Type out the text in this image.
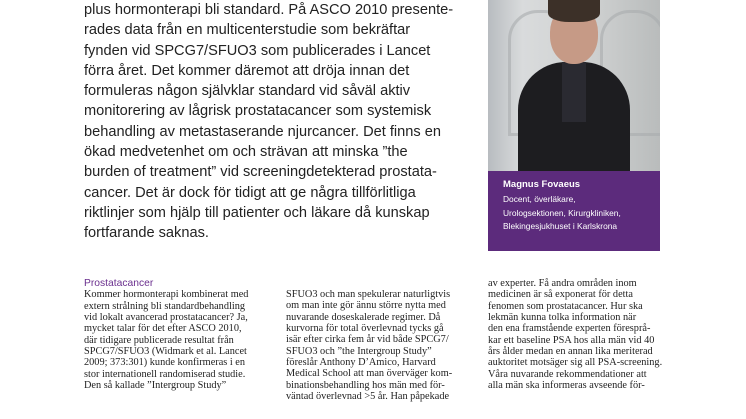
plus hormonterapi bli standard. På ASCO 2010 presente-
rades data från en multicenterstudie som bekräftar
fynden vid SPCG7/SFUO3 som publicerades i Lancet
förra året. Det kommer däremot att dröja innan det
formuleras någon självklar standard vid såväl aktiv
monitorering av lågrisk prostatacancer som systemisk
behandling av metastaserande njurcancer. Det finns en
ökad medvetenhet om och strävan att minska ”the
burden of treatment” vid screeningdetekterad prostata-
cancer. Det är dock för tidigt att ge några tillförlitliga
riktlinjer som hjälp till patienter och läkare då kunskap
fortfarande saknas.
Magnus Fovaeus
Docent, överläkare,
Urologsektionen, Kirurgkliniken,
Blekingesjukhuset i Karlskrona
Prostatacancer
Kommer hormonterapi kombinerat med
extern strålning bli standardbehandling
vid lokalt avancerad prostatacancer? Ja,
mycket talar för det efter ASCO 2010,
där tidigare publicerade resultat från
SPCG7/SFUO3 (Widmark et al. Lancet
2009; 373:301) kunde konfirmeras i en
stor internationell randomiserad studie.
Den så kallade ”Intergroup Study”
SFUO3 och man spekulerar naturligtvis
om man inte gör ännu större nytta med
nuvarande doseskalerade regimer. Då
kurvorna för total överlevnad tycks gå
isär efter cirka fem år vid både SPCG7/
SFUO3 och ”the Intergroup Study”
föreslår Anthony D’Amico, Harvard
Medical School att man överväger kom-
binationsbehandling hos män med för-
väntad överlevnad >5 år. Han påpekade
av experter. Få andra områden inom
medicinen är så exponerat för detta
fenomen som prostatacancer. Hur ska
lekmän kunna tolka information när
den ena framstående experten föresprå-
kar ett baseline PSA hos alla män vid 40
års ålder medan en annan lika meriterad
auktoritet motsäger sig all PSA-screening.
Våra nuvarande rekommendationer att
alla män ska informeras avseende för-
